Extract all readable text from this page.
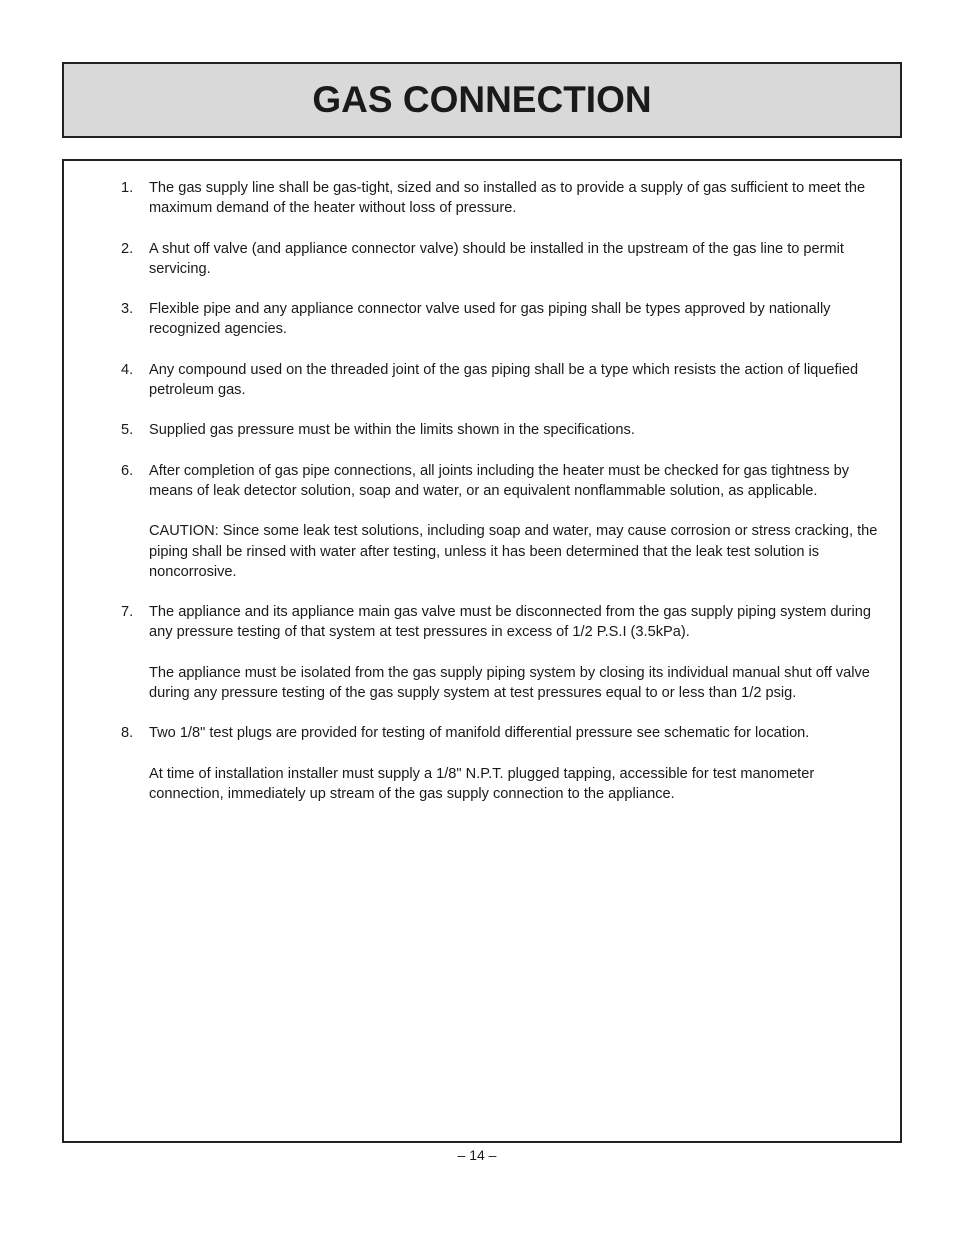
GAS CONNECTION
1.	The gas supply line shall be gas-tight, sized and so installed as to provide a supply of gas sufficient to meet the maximum demand of the heater without loss of pressure.

2.	A shut off valve (and appliance connector valve) should be installed in the upstream of the gas line to permit servicing.

3.	Flexible pipe and any appliance connector valve used for gas piping shall be types approved by nationally recognized agencies.

4.	Any compound used on the threaded joint of the gas piping shall be a type which resists the action of liquefied petroleum gas.

5.	Supplied gas pressure must be within the limits shown in the specifications.

6.	After completion of gas pipe connections, all joints including the heater must be checked for gas tightness by means of leak detector solution, soap and water, or an equivalent nonflammable solution, as applicable.

CAUTION: Since some leak test solutions, including soap and water, may cause corrosion or stress cracking, the piping shall be rinsed with water after testing, unless it has been determined that the leak test solution is noncorrosive.

7.	The appliance and its appliance main gas valve must be disconnected from the gas supply piping system during any pressure testing of that system at test pressures in excess of 1/2 P.S.I (3.5kPa).

The appliance must be isolated from the gas supply piping system by closing its individual manual shut off valve during any pressure testing of the gas supply system at test pressures equal to or less than 1/2 psig.

8.	Two 1/8" test plugs are provided for testing of manifold differential pressure see schematic for location.

At time of installation installer must supply a 1/8" N.P.T. plugged tapping, accessible for test manometer connection, immediately up stream of the gas supply connection to the appliance.

– 14 –
